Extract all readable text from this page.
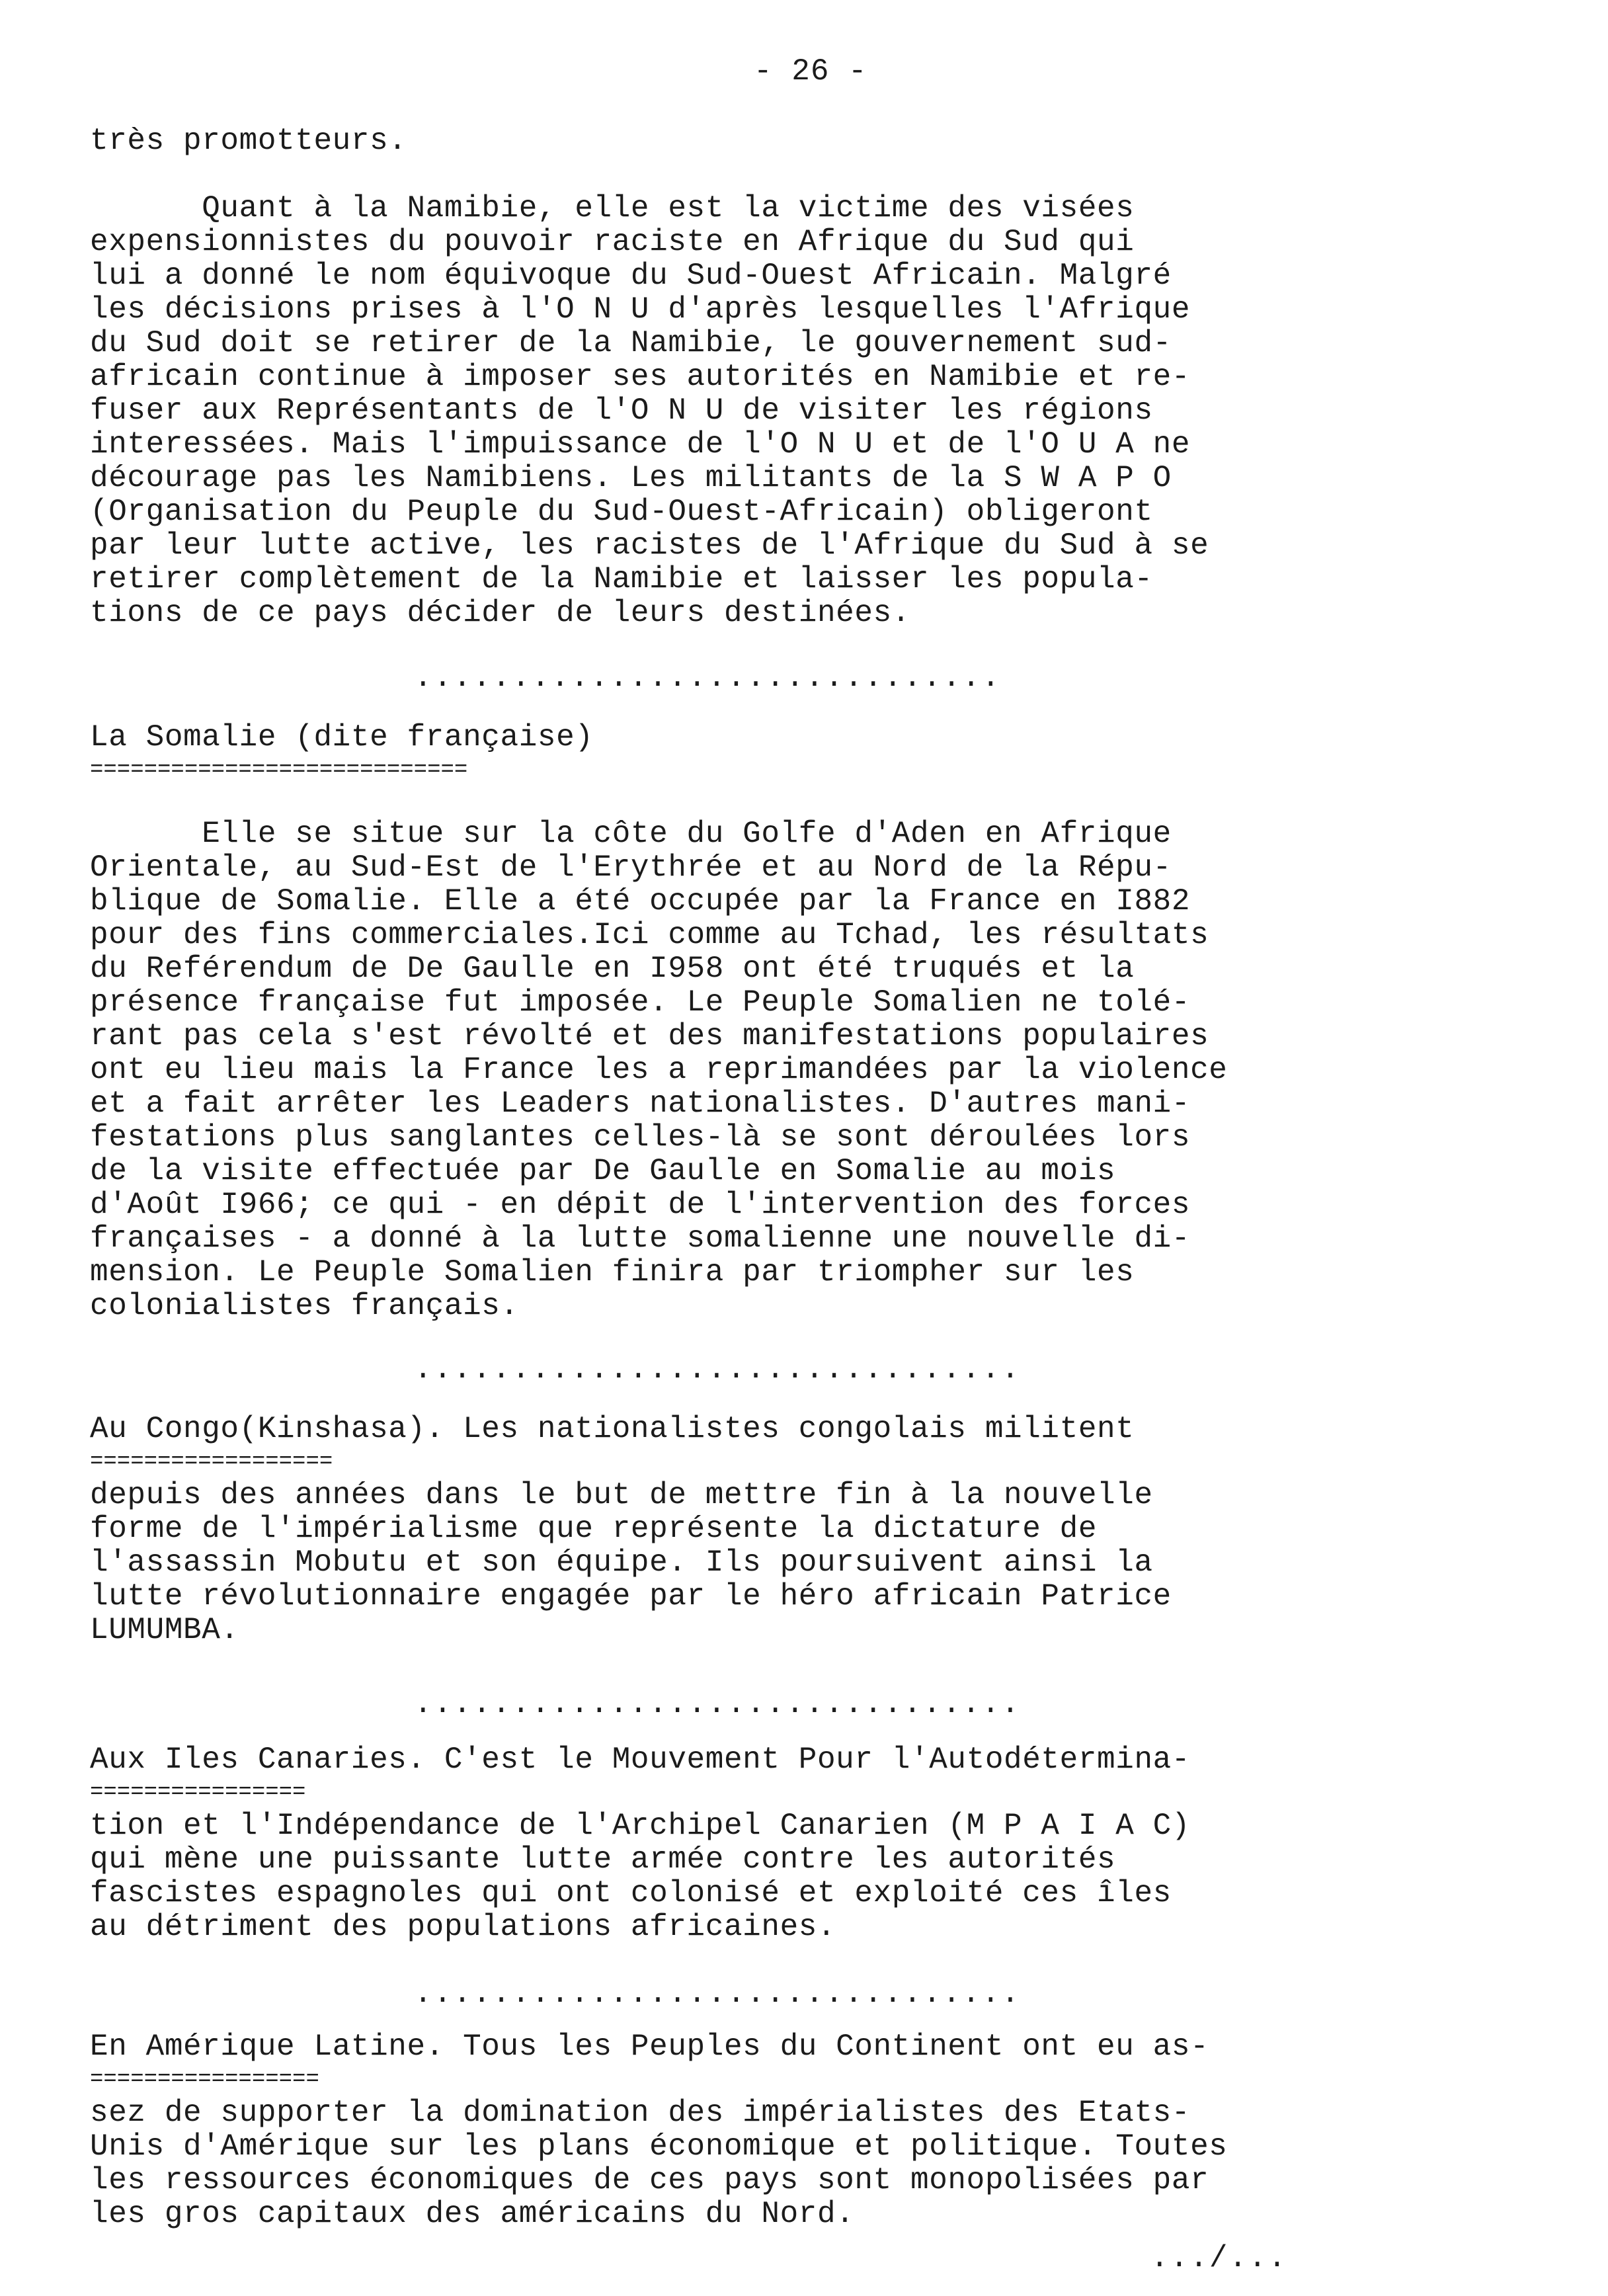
- 26 -
très promotteurs.
Quant à la Namibie, elle est la victime des visées
expensionnistes du pouvoir raciste en Afrique du Sud qui
lui a donné le nom équivoque du Sud-Ouest Africain. Malgré
les décisions prises à l'O N U d'après lesquelles l'Afrique
du Sud doit se retirer de la Namibie, le gouvernement sud-
africain continue à imposer ses autorités en Namibie et re-
fuser aux Représentants de l'O N U de visiter les régions
interessées. Mais l'impuissance de l'O N U et de l'O U A ne
décourage pas les Namibiens. Les militants de la S W A P O
(Organisation du Peuple du Sud-Ouest-Africain) obligeront
par leur lutte active, les racistes de l'Afrique du Sud à se
retirer complètement de la Namibie et laisser les popula-
tions de ce pays décider de leurs destinées.
..............................
La Somalie (dite française)
============================
Elle se situe sur la côte du Golfe d'Aden en Afrique
Orientale, au Sud-Est de l'Erythrée et au Nord de la Répu-
blique de Somalie. Elle a été occupée par la France en I882
pour des fins commerciales.Ici comme au Tchad, les résultats
du Reférendum de De Gaulle en I958 ont été truqués et la
présence française fut imposée. Le Peuple Somalien ne tolé-
rant pas cela s'est révolté et des manifestations populaires
ont eu lieu mais la France les a reprimandées par la violence
et a fait arrêter les Leaders nationalistes. D'autres mani-
festations plus sanglantes celles-là se sont déroulées lors
de la visite effectuée par De Gaulle en Somalie au mois
d'Août I966; ce qui - en dépit de l'intervention des forces
françaises - a donné à la lutte somalienne une nouvelle di-
mension. Le Peuple Somalien finira par triompher sur les
colonialistes français.
...............................
Au Congo(Kinshasa). Les nationalistes congolais militent
==================
depuis des années dans le but de mettre fin à la nouvelle
forme de l'impérialisme que représente la dictature de
l'assassin Mobutu et son équipe. Ils poursuivent ainsi la
lutte révolutionnaire engagée par le héro africain Patrice
LUMUMBA.
...............................
Aux Iles Canaries. C'est le Mouvement Pour l'Autodétermina-
================
tion et l'Indépendance de l'Archipel Canarien (M P A I A C)
qui mène une puissante lutte armée contre les autorités
fascistes espagnoles qui ont colonisé et exploité ces îles
au détriment des populations africaines.
...............................
En Amérique Latine. Tous les Peuples du Continent ont eu as-
=================
sez de supporter la domination des impérialistes des Etats-
Unis d'Amérique sur les plans économique et politique. Toutes
les ressources économiques de ces pays sont monopolisées par
les gros capitaux des américains du Nord.
.../...
